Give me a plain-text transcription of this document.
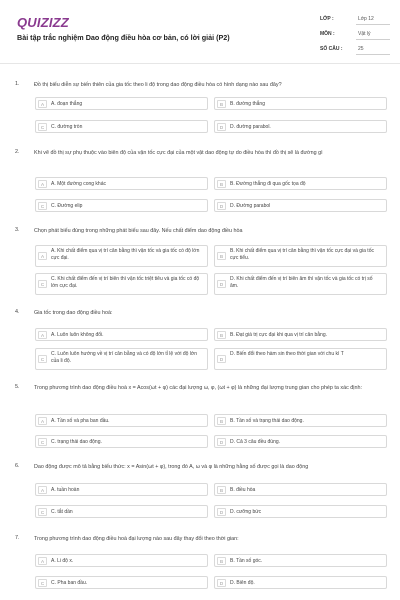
QUIZIZZ
Bài tập trắc nghiệm Dao động điều hòa cơ bản, có lời giải (P2)
LỚP :	Lớp 12
MÔN :	Vật lý
SỐ CÂU :	25
1.	Đồ thị biểu diễn sự biến thiên của gia tốc theo li độ trong dao động điều hòa có hình dạng nào sau đây?
A	A. đoạn thẳng	B	B. đường thẳng
C	C. đường tròn	D	D. đường parabol.
2.	Khi vẽ đồ thị sự phụ thuộc vào biên độ của vận tốc cực đại của một vật dao động tự do điều hòa thì đồ thị sẽ là đường gì
A	A. Một đường cong khác	B	B. Đường thẳng đi qua gốc tọa độ
C	C. Đường elip	D	D. Đường parabol
3.	Chọn phát biểu đúng trong những phát biểu sau đây. Nếu chất điểm dao động điều hòa
A
A. Khi chất điểm qua vị trí cân bằng thì vận tốc và gia tốc có độ lớn cực đại.	B
B. Khi chất điểm qua vị trí cân bằng thì vận tốc cực đại và gia tốc cực tiểu.
C
C. Khi chất điểm đến vị trí biên thì vận tốc triệt tiêu và gia tốc có độ lớn cực đại.	D
D. Khi chất điểm đến vị trí biên âm thì vận tốc và gia tốc có trị số âm.
4.	Gia tốc trong dao động điều hoà:
A	A. Luôn luôn không đổi.	B	B. Đạt giá trị cực đại khi qua vị trí cân bằng.
C
C. Luôn luôn hướng về vị trí cân bằng và có độ lớn tỉ lệ với độ lớn của li độ.	D
D. Biến đổi theo hàm sin theo thời gian với chu kì T
5.	Trong phương trình dao động điều hoà x = Acos(ωt + φ) các đại lượng ω, φ, (ωt + φ) là những đại lượng trung gian cho phép ta xác định:
A	A. Tần số và pha ban đầu.	B	B. Tần số và trạng thái dao động.
C	C. trạng thái dao động.	D	D. Cả 3 câu đều đúng.
6.	Dao động được mô tả bằng biểu thức: x = Asin(ωt + φ), trong đó A, ω và φ là những hằng số được gọi là dao động
A	A. tuần hoàn	B	B. điều hòa
C	C. tắt dần	D	D. cưỡng bức
7.	Trong phương trình dao động điều hoà đại lượng nào sau đây thay đổi theo thời gian:
A	A. Li độ x.	B	B. Tần số góc.
C	C. Pha ban đầu.	D	D. Biên độ.
